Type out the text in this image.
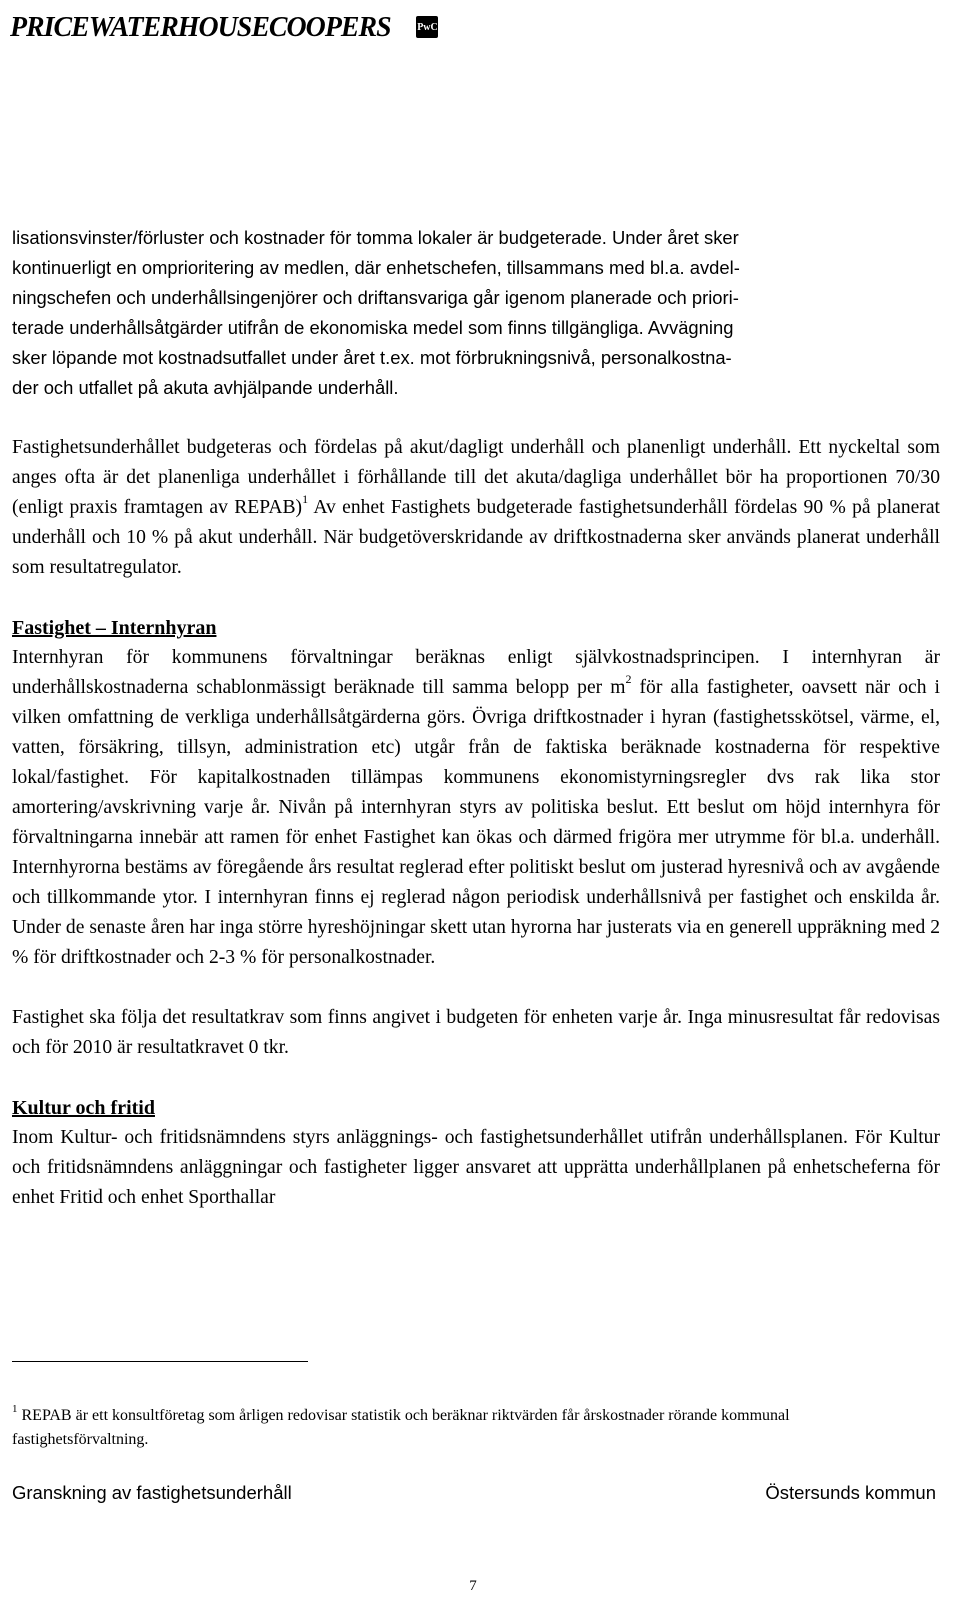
PRICEWATERHOUSECOOPERS	PwC
lisationsvinster/förluster och kostnader för tomma lokaler är budgeterade. Under året sker
kontinuerligt en omprioritering av medlen, där enhetschefen, tillsammans med bl.a. avdel-
ningschefen och underhållsingenjörer och driftansvariga går igenom planerade och priori-
terade underhållsåtgärder utifrån de ekonomiska medel som finns tillgängliga. Avvägning
sker löpande mot kostnadsutfallet under året t.ex. mot förbrukningsnivå, personalkostna-
der och utfallet på akuta avhjälpande underhåll.

Fastighetsunderhållet budgeteras och fördelas på akut/dagligt underhåll och planenligt underhåll. Ett nyckeltal som anges ofta är det planenliga underhållet i förhållande till det akuta/dagliga underhållet bör ha proportionen 70/30 (enligt praxis framtagen av REPAB)$^1$ Av enhet Fastighets budgeterade fastighetsunderhåll fördelas 90 % på planerat underhåll och 10 % på akut underhåll. När budgetöverskridande av driftkostnaderna sker används planerat underhåll som resultatregulator.

Fastighet – Internhyran

Internhyran för kommunens förvaltningar beräknas enligt självkostnadsprincipen. I internhyran är underhållskostnaderna schablonmässigt beräknade till samma belopp per $m^2$ för alla fastigheter, oavsett när och i vilken omfattning de verkliga underhållsåtgärderna görs. Övriga driftkostnader i hyran (fastighetsskötsel, värme, el, vatten, försäkring, tillsyn, administration etc) utgår från de faktiska beräknade kostnaderna för respektive lokal/fastighet. För kapitalkostnaden tillämpas kommunens ekonomistyrningsregler dvs rak lika stor amortering/avskrivning varje år. Nivån på internhyran styrs av politiska beslut. Ett beslut om höjd internhyra för förvaltningarna innebär att ramen för enhet Fastighet kan ökas och därmed frigöra mer utrymme för bl.a. underhåll. Internhyrorna bestäms av föregående års resultat reglerad efter politiskt beslut om justerad hyresnivå och av avgående och tillkommande ytor. I internhyran finns ej reglerad någon periodisk underhållsnivå per fastighet och enskilda år. Under de senaste åren har inga större hyreshöjningar skett utan hyrorna har justerats via en generell uppräkning med 2 % för driftkostnader och 2-3 % för personalkostnader.

Fastighet ska följa det resultatkrav som finns angivet i budgeten för enheten varje år. Inga minusresultat får redovisas och för 2010 är resultatkravet 0 tkr.

Kultur och fritid

Inom Kultur- och fritidsnämndens styrs anläggnings- och fastighetsunderhållet utifrån underhållsplanen. För Kultur och fritidsnämndens anläggningar och fastigheter ligger ansvaret att upprätta underhållplanen på enhetscheferna för enhet Fritid och enhet Sporthallar

$^1$ REPAB är ett konsultföretag som årligen redovisar statistik och beräknar riktvärden får årskostnader rörande kommunal fastighetsförvaltning.
Granskning av fastighetsunderhåll	Östersunds kommun
7
